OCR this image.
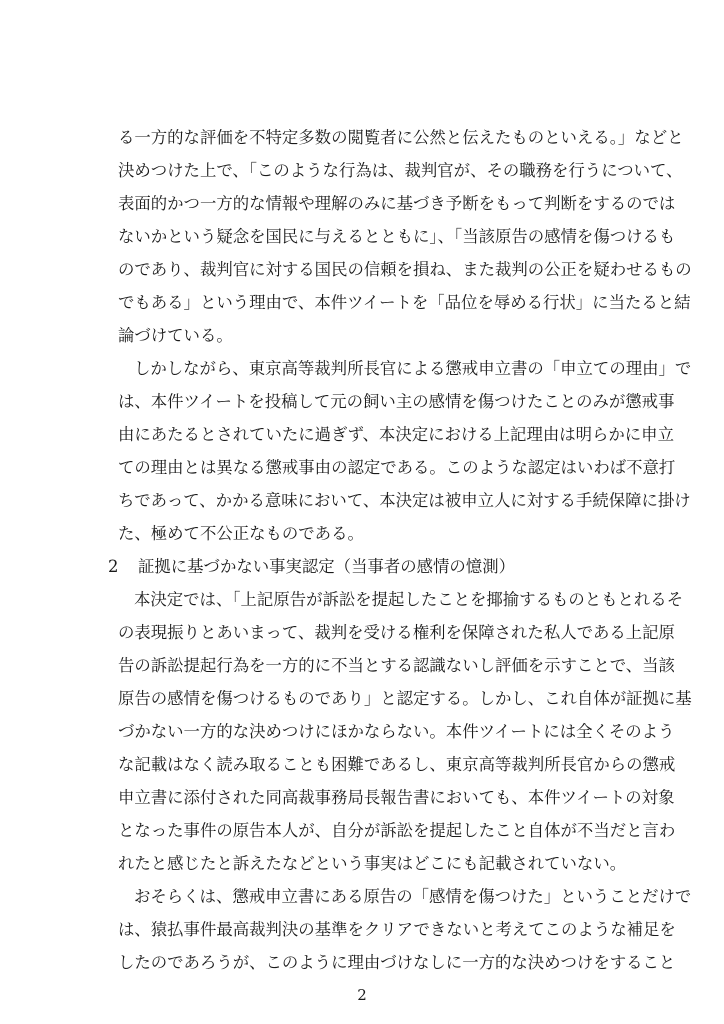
る一方的な評価を不特定多数の閲覧者に公然と伝えたものといえる。」などと
決めつけた上で、「このような行為は、裁判官が、その職務を行うについて、
表面的かつ一方的な情報や理解のみに基づき予断をもって判断をするのでは
ないかという疑念を国民に与えるとともに」、「当該原告の感情を傷つけるも
のであり、裁判官に対する国民の信頼を損ね、また裁判の公正を疑わせるもの
でもある」という理由で、本件ツイートを「品位を辱める行状」に当たると結
論づけている。
しかしながら、東京高等裁判所長官による懲戒申立書の「申立ての理由」で
は、本件ツイートを投稿して元の飼い主の感情を傷つけたことのみが懲戒事
由にあたるとされていたに過ぎず、本決定における上記理由は明らかに申立
ての理由とは異なる懲戒事由の認定である。このような認定はいわば不意打
ちであって、かかる意味において、本決定は被申立人に対する手続保障に掛け
た、極めて不公正なものである。
2 証拠に基づかない事実認定（当事者の感情の憶測）
本決定では、「上記原告が訴訟を提起したことを揶揄するものともとれるそ
の表現振りとあいまって、裁判を受ける権利を保障された私人である上記原
告の訴訟提起行為を一方的に不当とする認識ないし評価を示すことで、当該
原告の感情を傷つけるものであり」と認定する。しかし、これ自体が証拠に基
づかない一方的な決めつけにほかならない。本件ツイートには全くそのよう
な記載はなく読み取ることも困難であるし、東京高等裁判所長官からの懲戒
申立書に添付された同高裁事務局長報告書においても、本件ツイートの対象
となった事件の原告本人が、自分が訴訟を提起したこと自体が不当だと言わ
れたと感じたと訴えたなどという事実はどこにも記載されていない。
おそらくは、懲戒申立書にある原告の「感情を傷つけた」ということだけで
は、猿払事件最高裁判決の基準をクリアできないと考えてこのような補足を
したのであろうが、このように理由づけなしに一方的な決めつけをすること
2
